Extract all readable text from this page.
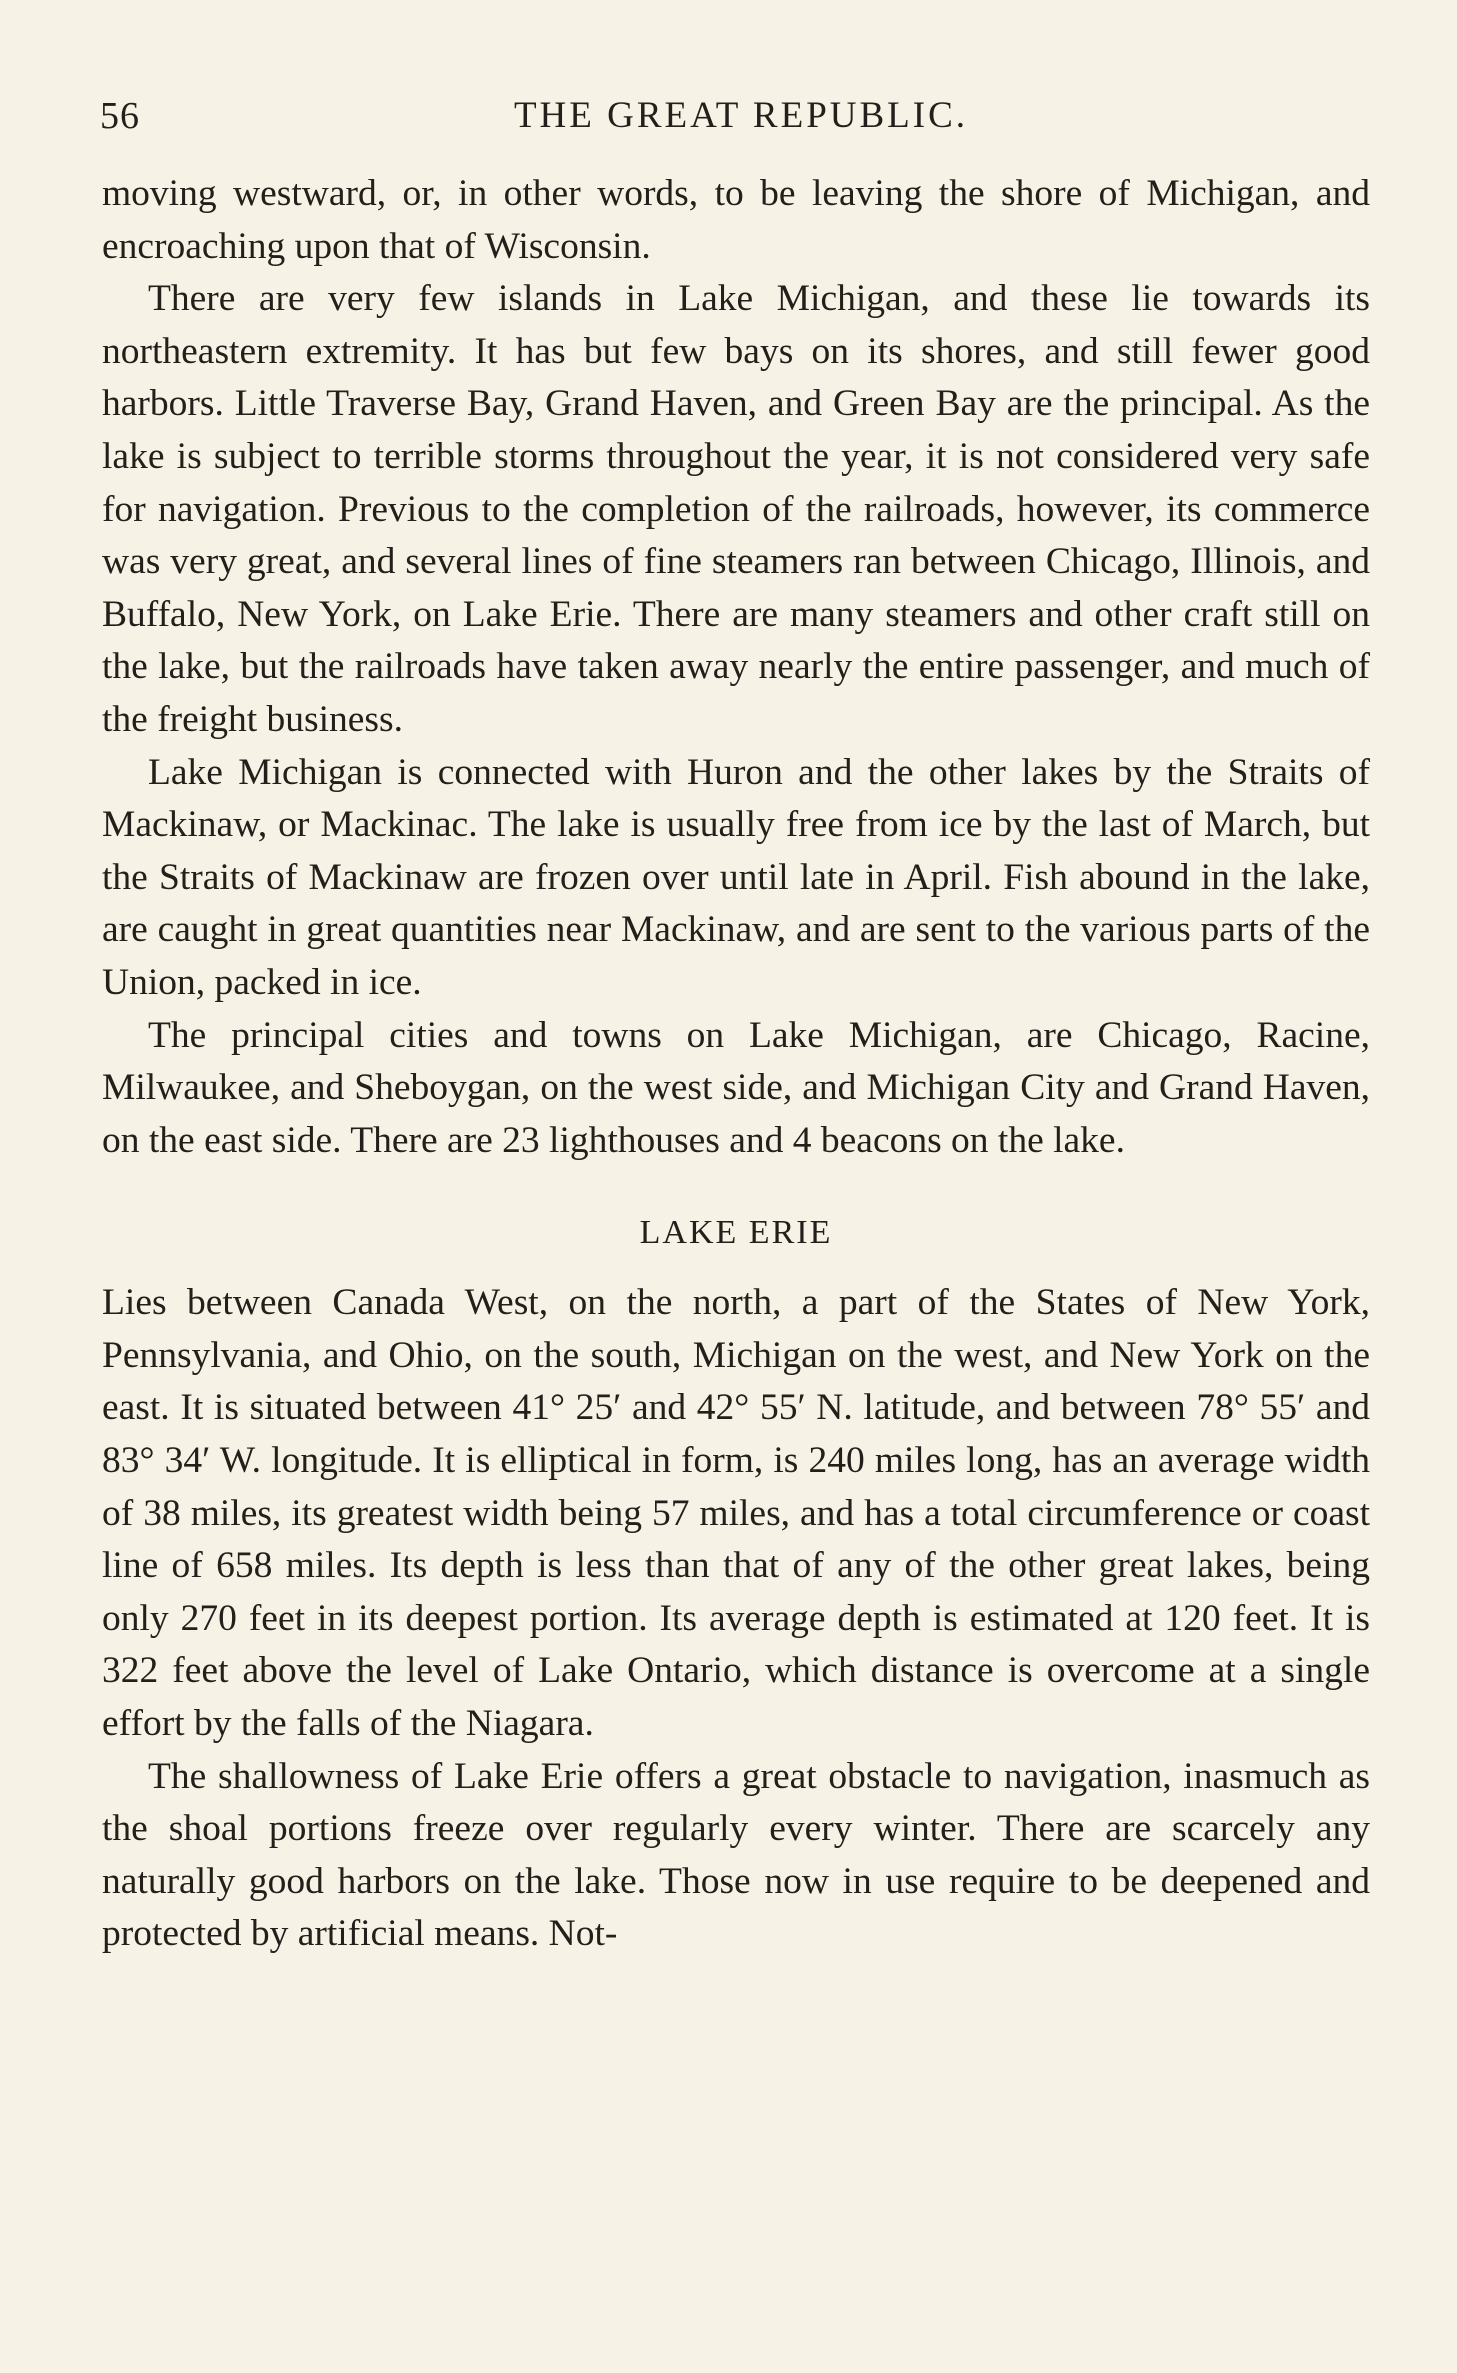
56	THE GREAT REPUBLIC.

moving westward, or, in other words, to be leaving the shore of Michigan, and encroaching upon that of Wisconsin.

There are very few islands in Lake Michigan, and these lie towards its northeastern extremity. It has but few bays on its shores, and still fewer good harbors. Little Traverse Bay, Grand Haven, and Green Bay are the principal. As the lake is subject to terrible storms throughout the year, it is not considered very safe for navigation. Previous to the completion of the railroads, however, its commerce was very great, and several lines of fine steamers ran between Chicago, Illinois, and Buffalo, New York, on Lake Erie. There are many steamers and other craft still on the lake, but the railroads have taken away nearly the entire passenger, and much of the freight business.

Lake Michigan is connected with Huron and the other lakes by the Straits of Mackinaw, or Mackinac. The lake is usually free from ice by the last of March, but the Straits of Mackinaw are frozen over until late in April. Fish abound in the lake, are caught in great quantities near Mackinaw, and are sent to the various parts of the Union, packed in ice.

The principal cities and towns on Lake Michigan, are Chicago, Racine, Milwaukee, and Sheboygan, on the west side, and Michigan City and Grand Haven, on the east side. There are 23 lighthouses and 4 beacons on the lake.

LAKE ERIE

Lies between Canada West, on the north, a part of the States of New York, Pennsylvania, and Ohio, on the south, Michigan on the west, and New York on the east. It is situated between 41° 25′ and 42° 55′ N. latitude, and between 78° 55′ and 83° 34′ W. longitude. It is elliptical in form, is 240 miles long, has an average width of 38 miles, its greatest width being 57 miles, and has a total circumference or coast line of 658 miles. Its depth is less than that of any of the other great lakes, being only 270 feet in its deepest portion. Its average depth is estimated at 120 feet. It is 322 feet above the level of Lake Ontario, which distance is overcome at a single effort by the falls of the Niagara.

The shallowness of Lake Erie offers a great obstacle to navigation, inasmuch as the shoal portions freeze over regularly every winter. There are scarcely any naturally good harbors on the lake. Those now in use require to be deepened and protected by artificial means. Not-
